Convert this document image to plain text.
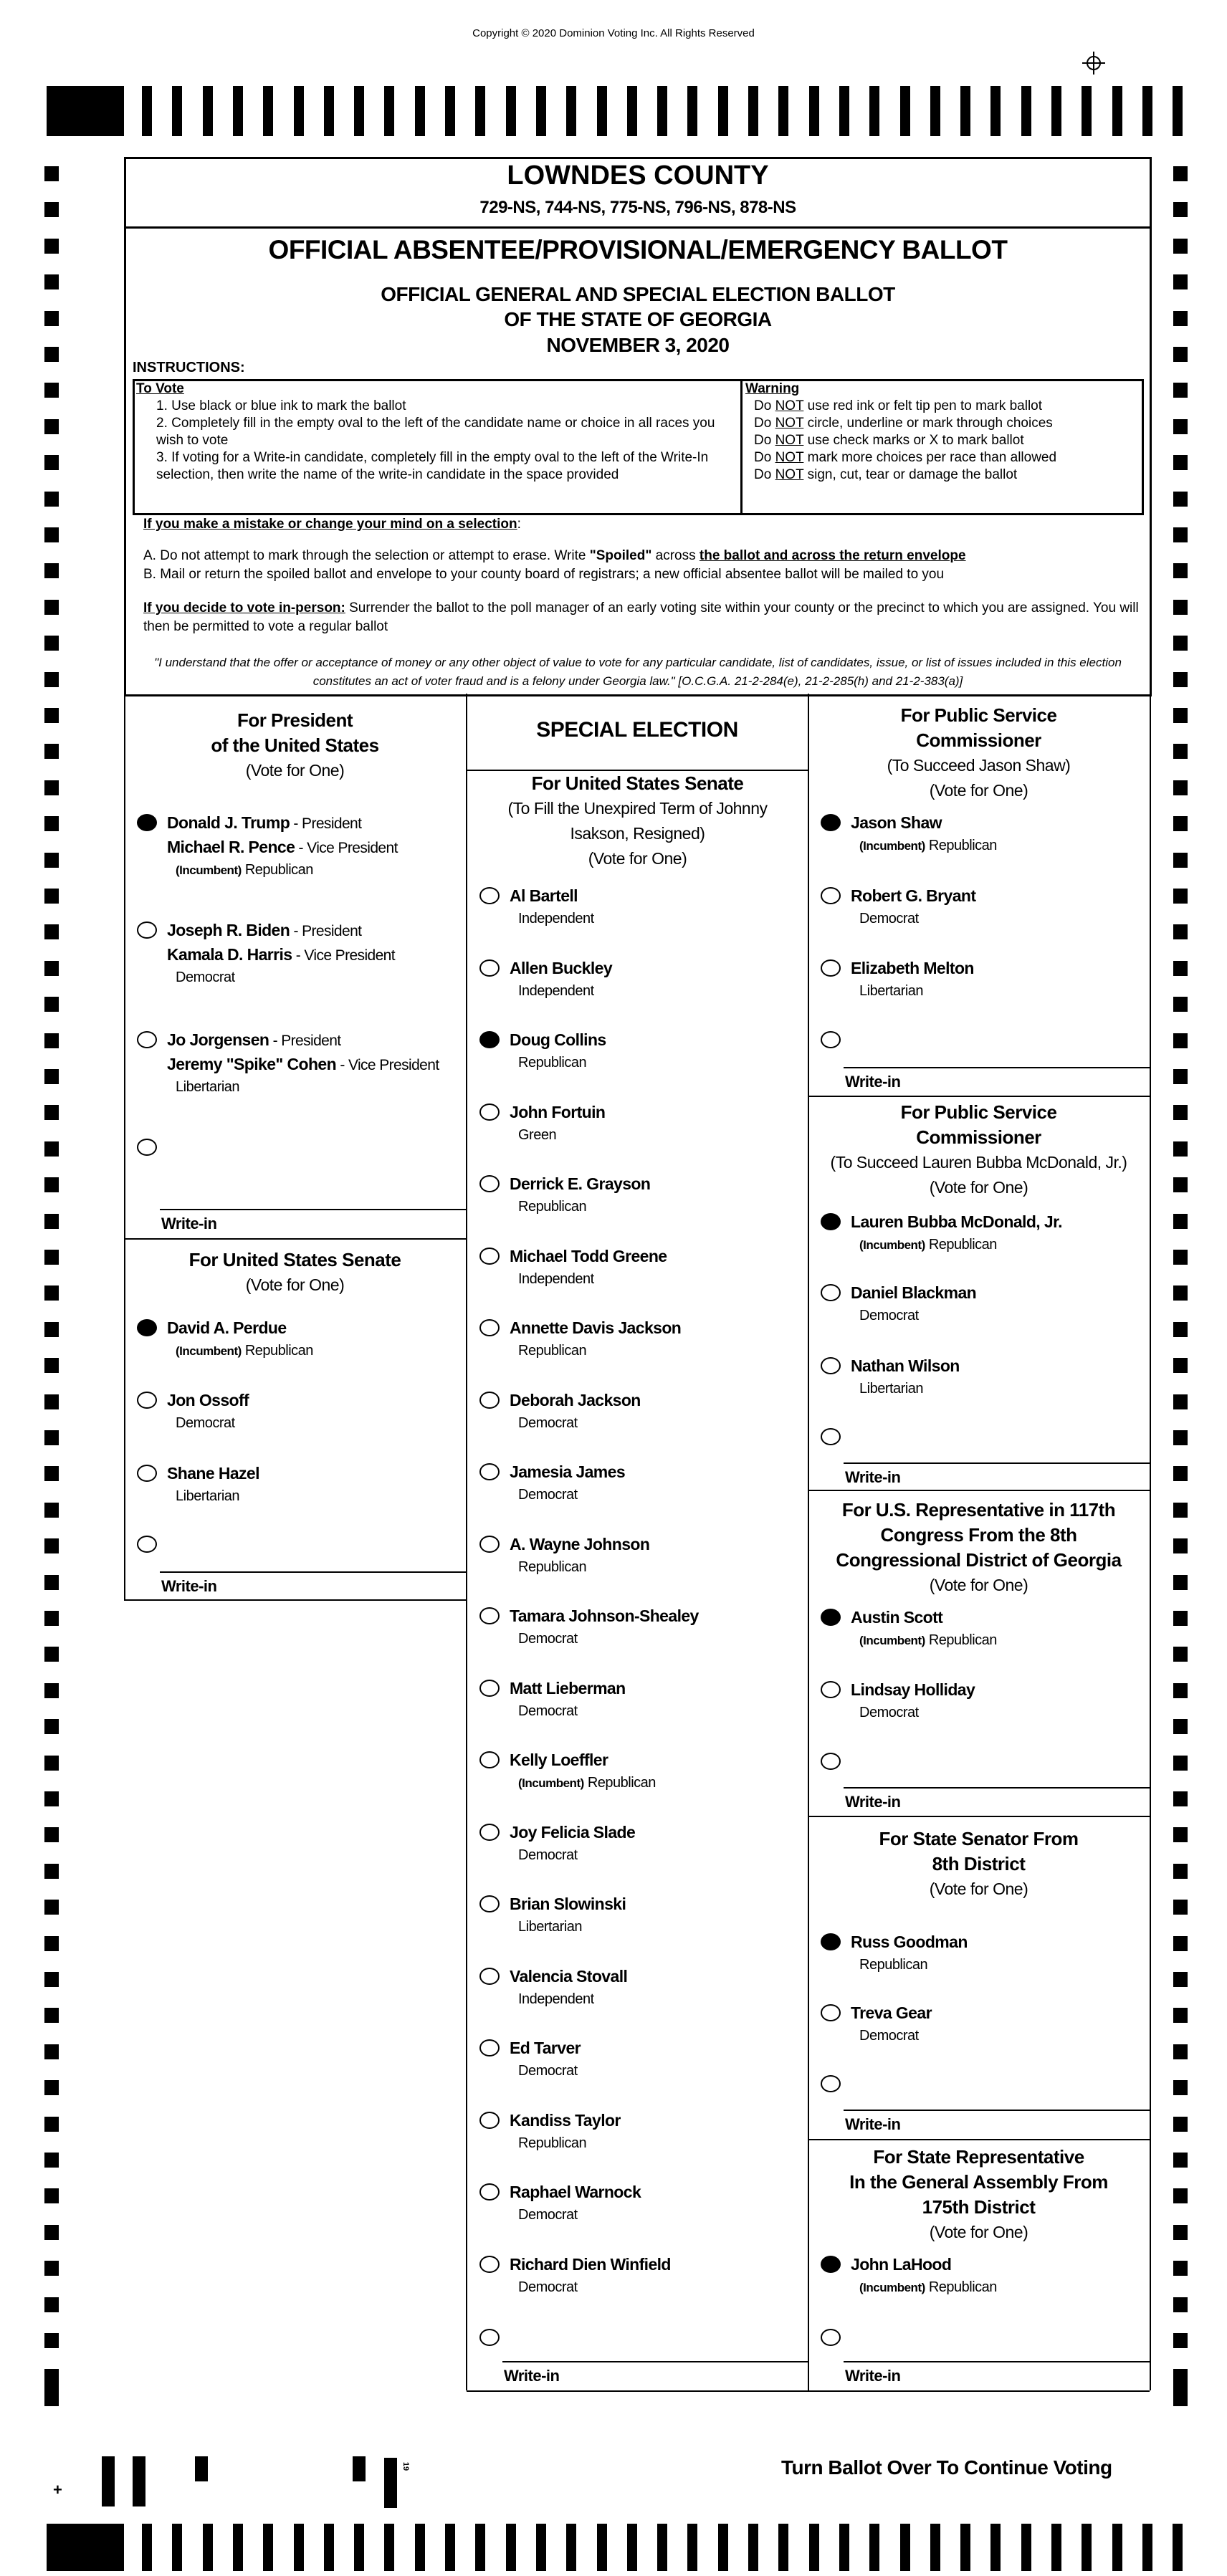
Copyright © 2020 Dominion Voting Inc. All Rights Reserved
LOWNDES COUNTY
729-NS, 744-NS, 775-NS, 796-NS, 878-NS
OFFICIAL ABSENTEE/PROVISIONAL/EMERGENCY BALLOT
OFFICIAL GENERAL AND SPECIAL ELECTION BALLOT
OF THE STATE OF GEORGIA
NOVEMBER 3, 2020
INSTRUCTIONS:
To Vote
1. Use black or blue ink to mark the ballot
2. Completely fill in the empty oval to the left of the candidate name or choice in all races you wish to vote
3. If voting for a Write-in candidate, completely fill in the empty oval to the left of the Write-In selection, then write the name of the write-in candidate in the space provided
Warning
Do NOT use red ink or felt tip pen to mark ballot
Do NOT circle, underline or mark through choices
Do NOT use check marks or X to mark ballot
Do NOT mark more choices per race than allowed
Do NOT sign, cut, tear or damage the ballot
If you make a mistake or change your mind on a selection:
A. Do not attempt to mark through the selection or attempt to erase. Write "Spoiled" across the ballot and across the return envelope
B. Mail or return the spoiled ballot and envelope to your county board of registrars; a new official absentee ballot will be mailed to you
If you decide to vote in-person: Surrender the ballot to the poll manager of an early voting site within your county or the precinct to which you are assigned. You will then be permitted to vote a regular ballot
"I understand that the offer or acceptance of money or any other object of value to vote for any particular candidate, list of candidates, issue, or list of issues included in this election constitutes an act of voter fraud and is a felony under Georgia law." [O.C.G.A. 21-2-284(e), 21-2-285(h) and 21-2-383(a)]
SPECIAL ELECTION
For President
of the United States
(Vote for One)
Donald J. Trump - President
Michael R. Pence - Vice President
(Incumbent) Republican
Joseph R. Biden - President
Kamala D. Harris - Vice President
Democrat
Jo Jorgensen - President
Jeremy "Spike" Cohen - Vice President
Libertarian
Write-in
For United States Senate
(Vote for One)
David A. Perdue
(Incumbent) Republican
Jon Ossoff
Democrat
Shane Hazel
Libertarian
Write-in
For United States Senate
(To Fill the Unexpired Term of Johnny
Isakson, Resigned)
(Vote for One)
Al Bartell
Independent
Allen Buckley
Independent
Doug Collins
Republican
John Fortuin
Green
Derrick E. Grayson
Republican
Michael Todd Greene
Independent
Annette Davis Jackson
Republican
Deborah Jackson
Democrat
Jamesia James
Democrat
A. Wayne Johnson
Republican
Tamara Johnson-Shealey
Democrat
Matt Lieberman
Democrat
Kelly Loeffler
(Incumbent) Republican
Joy Felicia Slade
Democrat
Brian Slowinski
Libertarian
Valencia Stovall
Independent
Ed Tarver
Democrat
Kandiss Taylor
Republican
Raphael Warnock
Democrat
Richard Dien Winfield
Democrat
Write-in
For Public Service
Commissioner
(To Succeed Jason Shaw)
(Vote for One)
Jason Shaw
(Incumbent) Republican
Robert G. Bryant
Democrat
Elizabeth Melton
Libertarian
Write-in
For Public Service
Commissioner
(To Succeed Lauren Bubba McDonald, Jr.)
(Vote for One)
Lauren Bubba McDonald, Jr.
(Incumbent) Republican
Daniel Blackman
Democrat
Nathan Wilson
Libertarian
Write-in
For U.S. Representative in 117th
Congress From the 8th
Congressional District of Georgia
(Vote for One)
Austin Scott
(Incumbent) Republican
Lindsay Holliday
Democrat
Write-in
For State Senator From
8th District
(Vote for One)
Russ Goodman
Republican
Treva Gear
Democrat
Write-in
For State Representative
In the General Assembly From
175th District
(Vote for One)
John LaHood
(Incumbent) Republican
Write-in
Turn Ballot Over To Continue Voting
19
+
